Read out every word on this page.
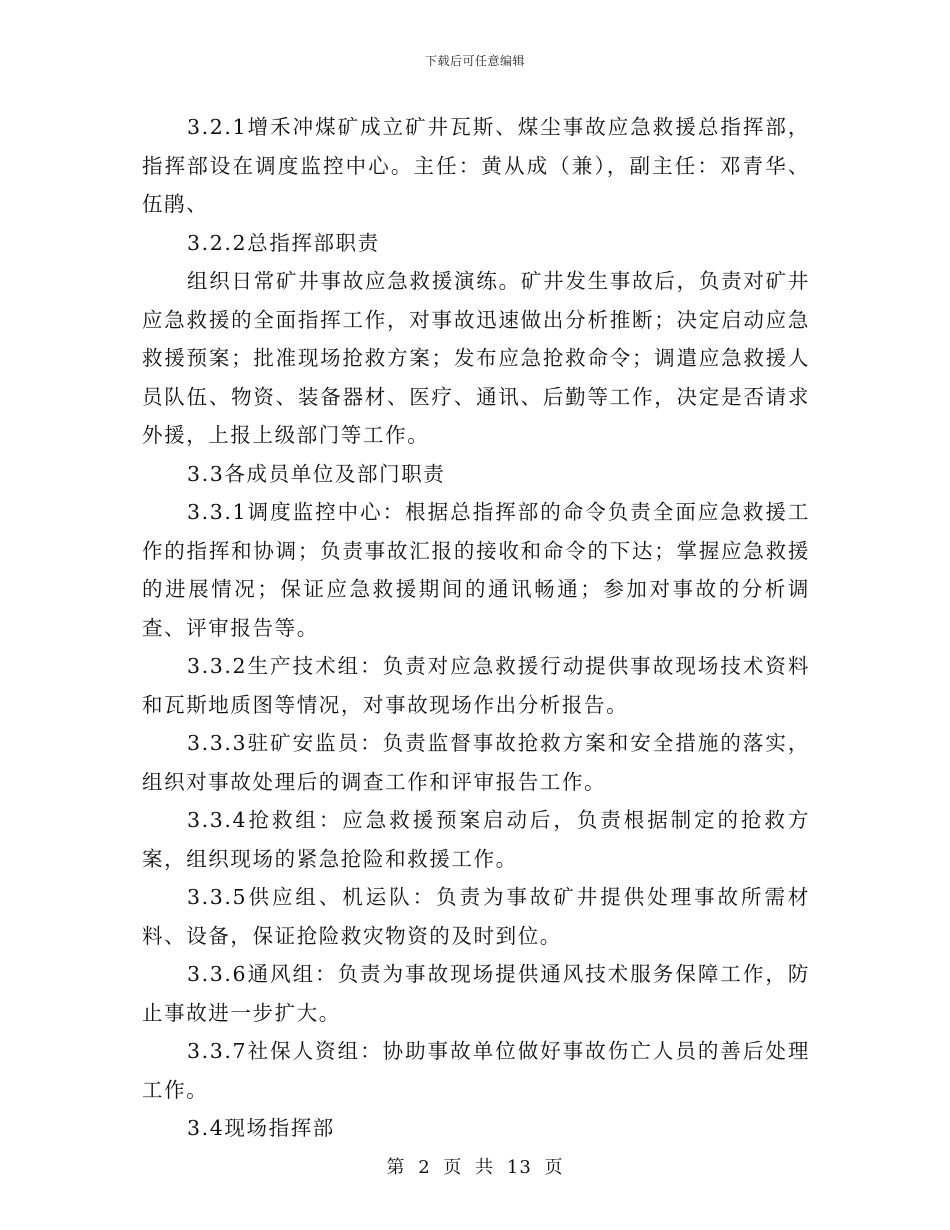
下载后可任意编辑

3.2.1增禾冲煤矿成立矿井瓦斯、煤尘事故应急救援总指挥部，指挥部设在调度监控中心。主任：黄从成（兼），副主任：邓青华、伍鹃、

3.2.2总指挥部职责

组织日常矿井事故应急救援演练。矿井发生事故后，负责对矿井应急救援的全面指挥工作，对事故迅速做出分析推断；决定启动应急救援预案；批准现场抢救方案；发布应急抢救命令；调遣应急救援人员队伍、物资、装备器材、医疗、通讯、后勤等工作，决定是否请求外援，上报上级部门等工作。

3.3各成员单位及部门职责

3.3.1调度监控中心：根据总指挥部的命令负责全面应急救援工作的指挥和协调；负责事故汇报的接收和命令的下达；掌握应急救援的进展情况；保证应急救援期间的通讯畅通；参加对事故的分析调查、评审报告等。

3.3.2生产技术组：负责对应急救援行动提供事故现场技术资料和瓦斯地质图等情况，对事故现场作出分析报告。

3.3.3驻矿安监员：负责监督事故抢救方案和安全措施的落实，组织对事故处理后的调查工作和评审报告工作。

3.3.4抢救组：应急救援预案启动后，负责根据制定的抢救方案，组织现场的紧急抢险和救援工作。

3.3.5供应组、机运队：负责为事故矿井提供处理事故所需材料、设备，保证抢险救灾物资的及时到位。

3.3.6通风组：负责为事故现场提供通风技术服务保障工作，防止事故进一步扩大。

3.3.7社保人资组：协助事故单位做好事故伤亡人员的善后处理工作。

3.4现场指挥部

第 2 页 共 13 页
